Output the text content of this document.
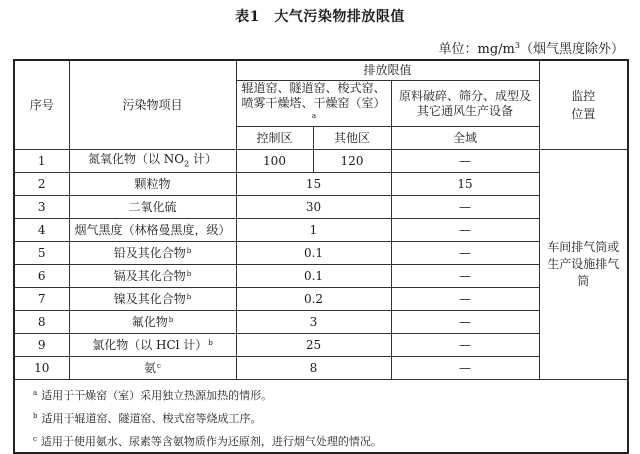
表1　大气污染物排放限值
单位：$mg/m^3$（烟气黑度除外）
序号	污染物项目	排放限值			监控位置
		辊道窑、隧道窑、梭式窑、喷雾干燥塔、干燥窑（室）$^a$		原料破碎、筛分、成型及其它通风生产设备	
		控制区	其他区	全域	
1	氮氧化物（以 $NO_2$ 计）	100	120	—	车间排气筒或生产设施排气筒
2	颗粒物	15		15	
3	二氧化硫	30		—	
4	烟气黑度（林格曼黑度，级）	1		—	
5	铅及其化合物$^b$	0.1		—	
6	镉及其化合物$^b$	0.1		—	
7	镍及其化合物$^b$	0.2		—	
8	氟化物$^b$	3		—	
9	氯化物（以 HCl 计）$^b$	25		—	
10	氨$^c$	8		—	

$^a$ 适用于干燥窑（室）采用独立热源加热的情形。
$^b$ 适用于辊道窑、隧道窑、梭式窑等烧成工序。
$^c$ 适用于使用氨水、尿素等含氨物质作为还原剂，进行烟气处理的情况。					
